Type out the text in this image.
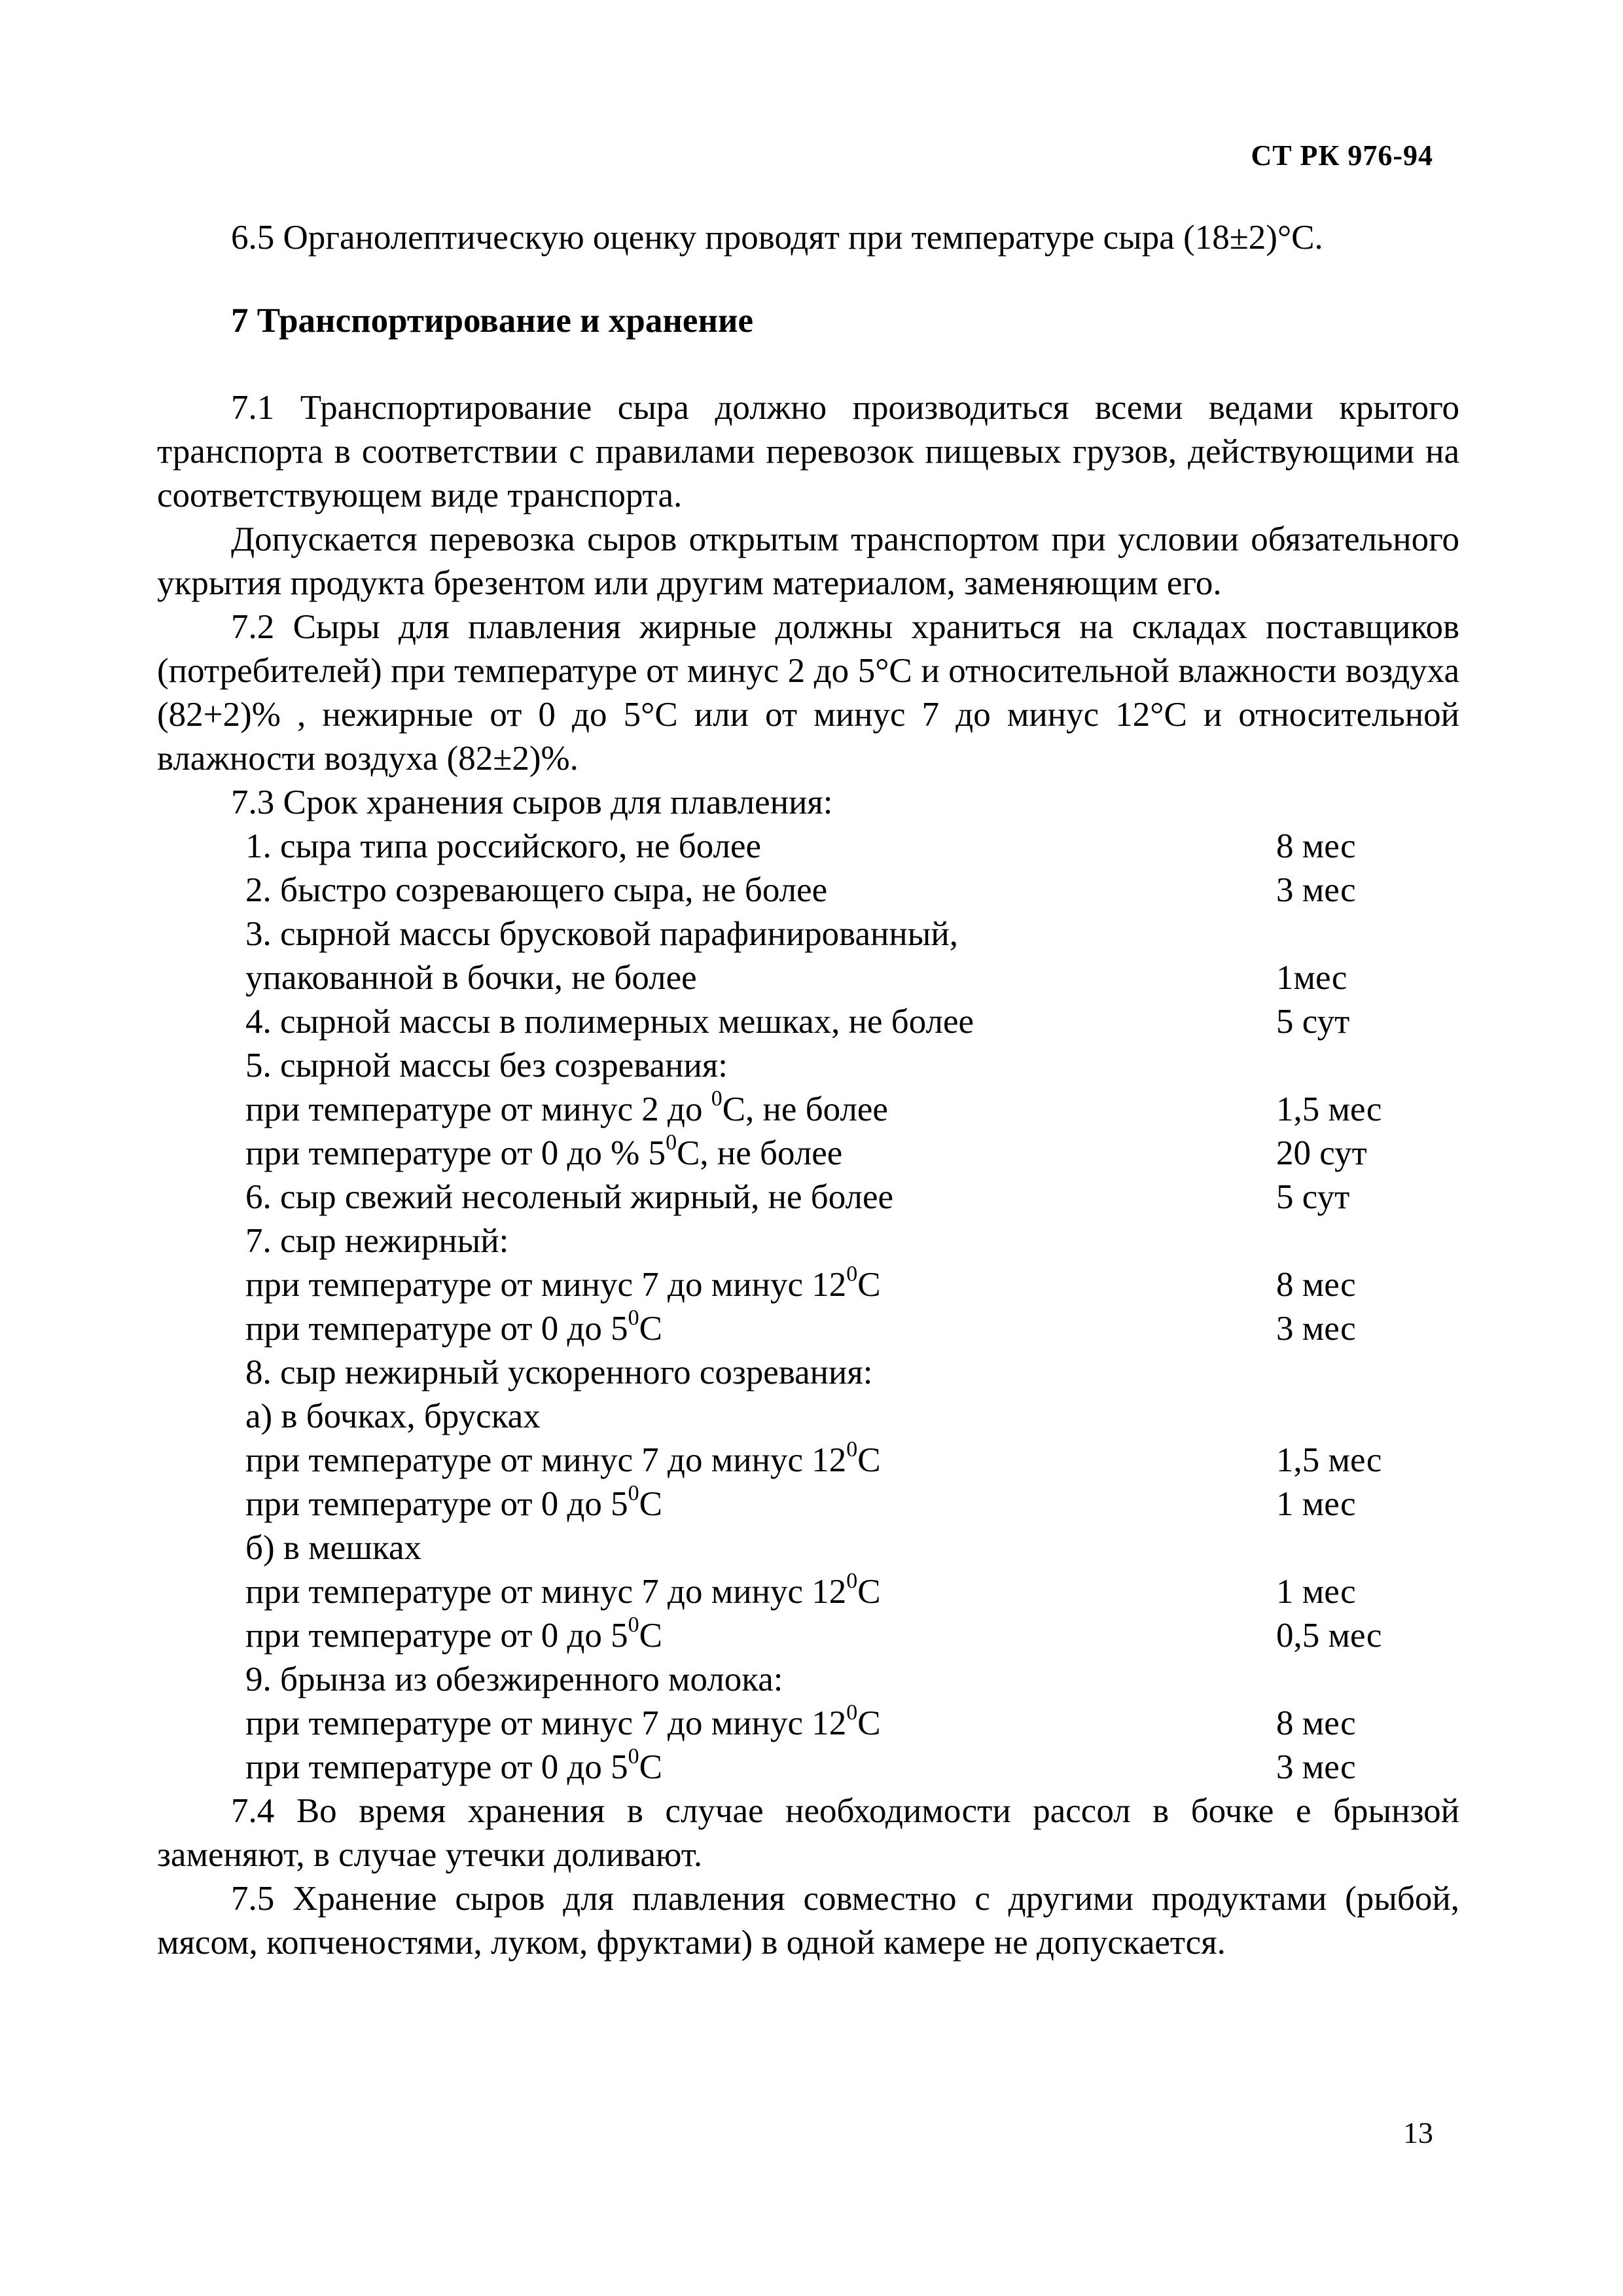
СТ РК 976-94

6.5 Органолептическую оценку проводят при температуре сыра (18±2)°С.

7 Транспортирование и хранение

7.1 Транспортирование сыра должно производиться всеми ведами крытого транспорта в соответствии с правилами перевозок пищевых грузов, действующими на соответствующем виде транспорта.

Допускается перевозка сыров открытым транспортом при условии обязательного укрытия продукта брезентом или другим материалом, заменяющим его.

7.2 Сыры для плавления жирные должны храниться на складах поставщиков (потребителей) при температуре от минус 2 до 5°С и относительной влажности воздуха (82+2)% , нежирные от 0 до 5°С или от минус 7 до минус 12°С и относительной влажности воздуха (82±2)%.

7.3 Срок хранения сыров для плавления:
1. сыра типа российского, не более	8 мес
2. быстро созревающего сыра, не более	3 мес
3. сырной массы брусковой парафинированный,
упакованной в бочки, не более	1мес
4. сырной массы в полимерных мешках, не более	5 сут
5. сырной массы без созревания:
при температуре от минус 2 до $^0$С, не более	1,5 мес
при температуре от 0 до % $5^0С$, не более	20 сут
6. сыр свежий несоленый жирный, не более	5 сут
7. сыр нежирный:
при температуре от минус 7 до минус $12^0С$	8 мес
при температуре от 0 до $5^0С$	3 мес
8. сыр нежирный ускоренного созревания:
а) в бочках, брусках
при температуре от минус 7 до минус $12^0С$	1,5 мес
при температуре от 0 до $5^0С$	1 мес
б) в мешках
при температуре от минус 7 до минус $12^0С$	1 мес
при температуре от 0 до $5^0С$	0,5 мес
9. брынза из обезжиренного молока:
при температуре от минус 7 до минус $12^0С$	8 мес
при температуре от 0 до $5^0С$	3 мес

7.4 Во время хранения в случае необходимости рассол в бочке е брынзой заменяют, в случае утечки доливают.

7.5 Хранение сыров для плавления совместно с другими продуктами (рыбой, мясом, копченостями, луком, фруктами) в одной камере не допускается.

13
